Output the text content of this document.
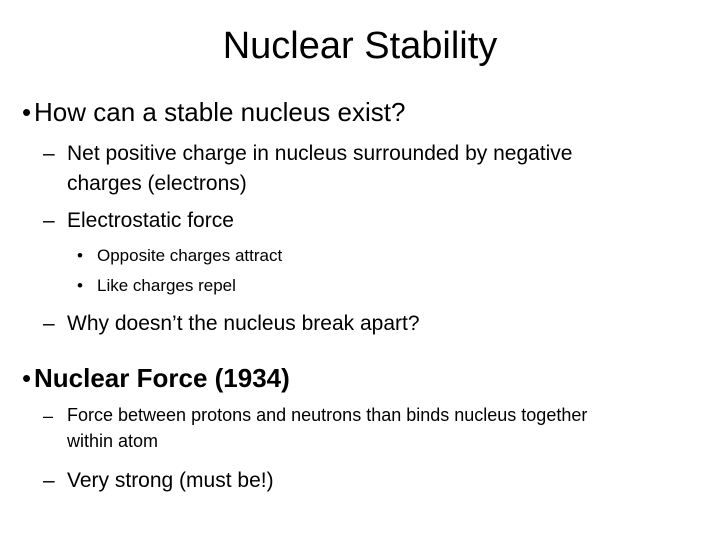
Nuclear Stability
• How can a stable nucleus exist?
– Net positive charge in nucleus surrounded by negative
charges (electrons)
– Electrostatic force
• Opposite charges attract
• Like charges repel
– Why doesn’t the nucleus break apart?
• Nuclear Force (1934)
– Force between protons and neutrons than binds nucleus together
within atom
– Very strong (must be!)
